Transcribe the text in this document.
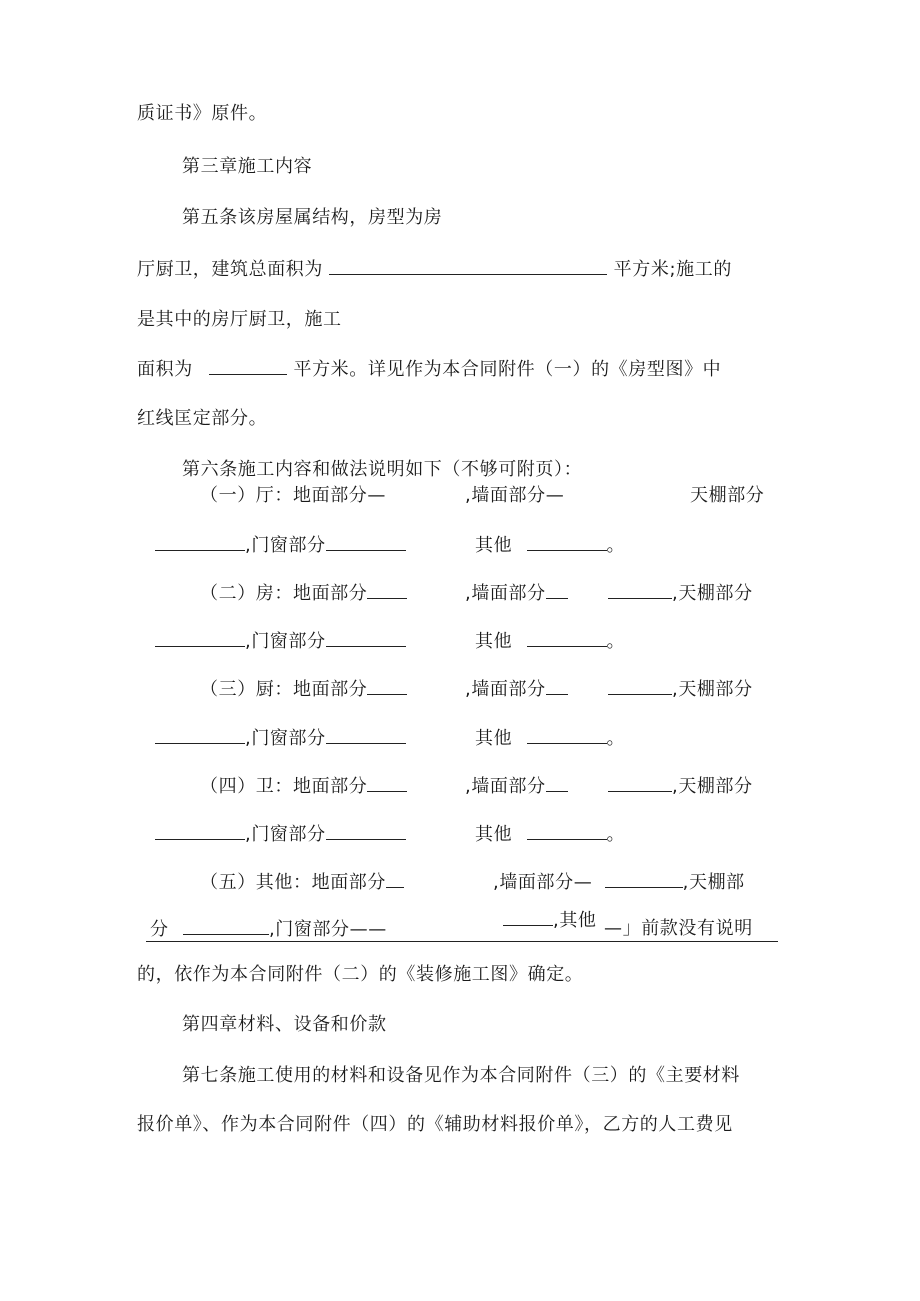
质证书》原件。
第三章施工内容
第五条该房屋属结构，房型为房
厅厨卫，建筑总面积为	平方米;施工的
是其中的房厅厨卫，施工
面积为	平方米。详见作为本合同附件（一）的《房型图》中
红线匡定部分。
第六条施工内容和做法说明如下（不够可附页）：
（一）厅：地面部分—	,墙面部分—	天棚部分
,门窗部分	其他	。
（二）房：地面部分	,墙面部分	,天棚部分
,门窗部分	其他	。
（三）厨：地面部分	,墙面部分	,天棚部分
,门窗部分	其他	。
（四）卫：地面部分	,墙面部分	,天棚部分
,门窗部分	其他	。
（五）其他：地面部分	,墙面部分—	,天棚部
分	,门窗部分——	,其他 —」前款没有说明
的，依作为本合同附件（二）的《装修施工图》确定。
第四章材料、设备和价款
第七条施工使用的材料和设备见作为本合同附件（三）的《主要材料
报价单》、作为本合同附件（四）的《辅助材料报价单》，乙方的人工费见
